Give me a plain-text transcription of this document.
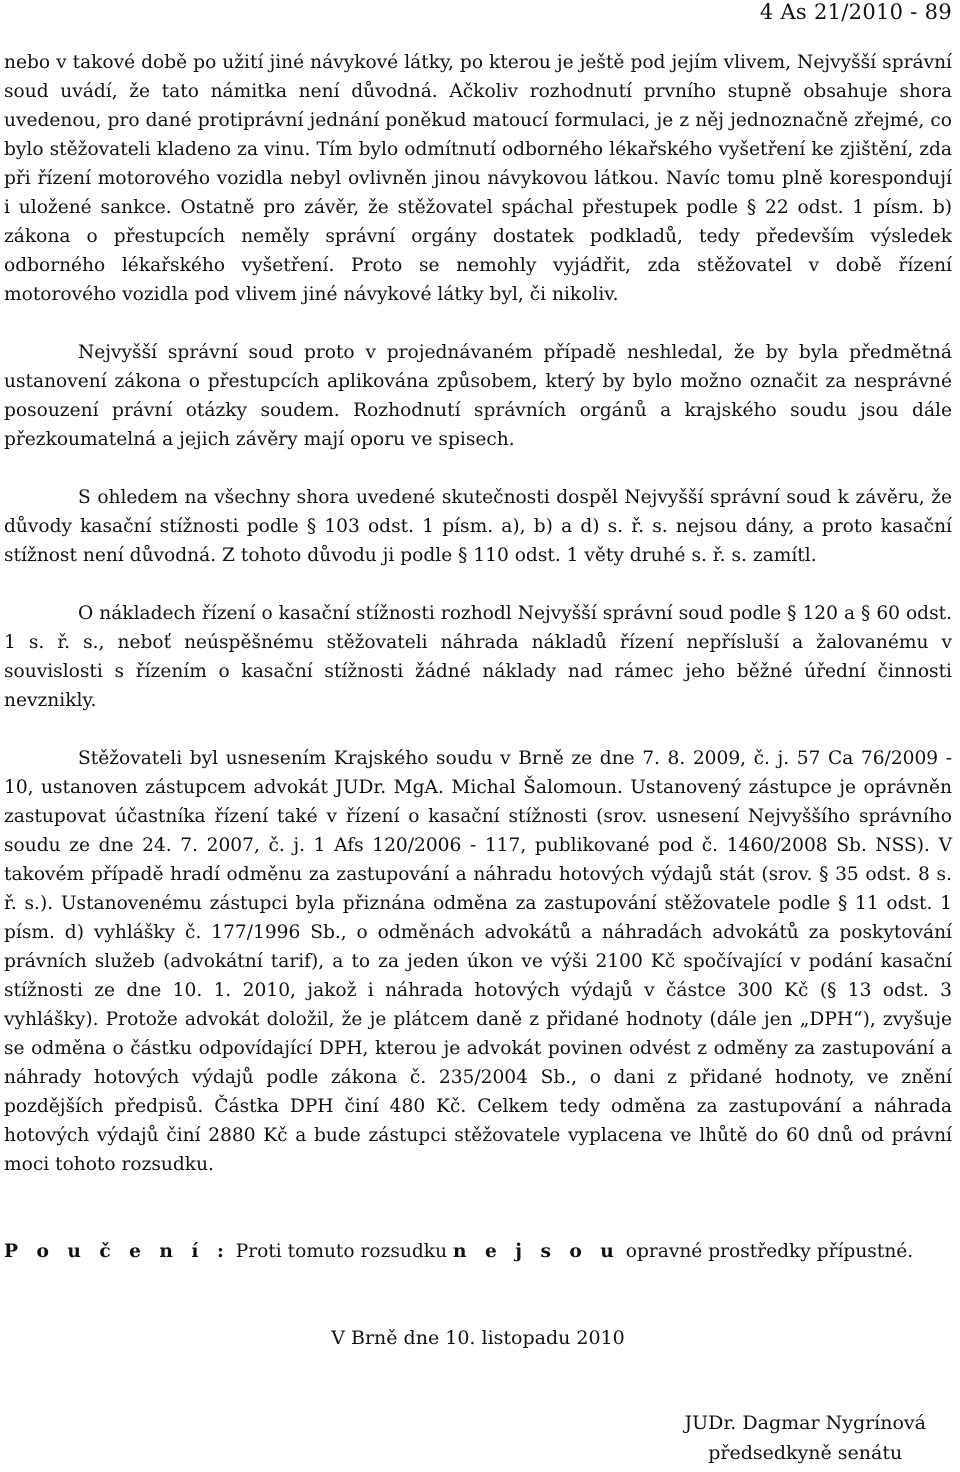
4 As 21/2010 - 89

nebo v takové době po užití jiné návykové látky, po kterou je ještě pod jejím vlivem, Nejvyšší správní soud uvádí, že tato námitka není důvodná. Ačkoliv rozhodnutí prvního stupně obsahuje shora uvedenou, pro dané protiprávní jednání poněkud matoucí formulaci, je z něj jednoznačně zřejmé, co bylo stěžovateli kladeno za vinu. Tím bylo odmítnutí odborného lékařského vyšetření ke zjištění, zda při řízení motorového vozidla nebyl ovlivněn jinou návykovou látkou. Navíc tomu plně korespondují i uložené sankce. Ostatně pro závěr, že stěžovatel spáchal přestupek podle § 22 odst. 1 písm. b) zákona o přestupcích neměly správní orgány dostatek podkladů, tedy především výsledek odborného lékařského vyšetření. Proto se nemohly vyjádřit, zda stěžovatel v době řízení motorového vozidla pod vlivem jiné návykové látky byl, či nikoliv.

Nejvyšší správní soud proto v projednávaném případě neshledal, že by byla předmětná ustanovení zákona o přestupcích aplikována způsobem, který by bylo možno označit za nesprávné posouzení právní otázky soudem. Rozhodnutí správních orgánů a krajského soudu jsou dále přezkoumatelná a jejich závěry mají oporu ve spisech.

S ohledem na všechny shora uvedené skutečnosti dospěl Nejvyšší správní soud k závěru, že důvody kasační stížnosti podle § 103 odst. 1 písm. a), b) a d) s. ř. s. nejsou dány, a proto kasační stížnost není důvodná. Z tohoto důvodu ji podle § 110 odst. 1 věty druhé s. ř. s. zamítl.

O nákladech řízení o kasační stížnosti rozhodl Nejvyšší správní soud podle § 120 a § 60 odst. 1 s. ř. s., neboť neúspěšnému stěžovateli náhrada nákladů řízení nepřísluší a žalovanému v souvislosti s řízením o kasační stížnosti žádné náklady nad rámec jeho běžné úřední činnosti nevznikly.

Stěžovateli byl usnesením Krajského soudu v Brně ze dne 7. 8. 2009, č. j. 57 Ca 76/2009 - 10, ustanoven zástupcem advokát JUDr. MgA. Michal Šalomoun. Ustanovený zástupce je oprávněn zastupovat účastníka řízení také v řízení o kasační stížnosti (srov. usnesení Nejvyššího správního soudu ze dne 24. 7. 2007, č. j. 1 Afs 120/2006 - 117, publikované pod č. 1460/2008 Sb. NSS). V takovém případě hradí odměnu za zastupování a náhradu hotových výdajů stát (srov. § 35 odst. 8 s. ř. s.). Ustanovenému zástupci byla přiznána odměna za zastupování stěžovatele podle § 11 odst. 1 písm. d) vyhlášky č. 177/1996 Sb., o odměnách advokátů a náhradách advokátů za poskytování právních služeb (advokátní tarif), a to za jeden úkon ve výši 2100 Kč spočívající v podání kasační stížnosti ze dne 10. 1. 2010, jakož i náhrada hotových výdajů v částce 300 Kč (§ 13 odst. 3 vyhlášky). Protože advokát doložil, že je plátcem daně z přidané hodnoty (dále jen „DPH“), zvyšuje se odměna o částku odpovídající DPH, kterou je advokát povinen odvést z odměny za zastupování a náhrady hotových výdajů podle zákona č. 235/2004 Sb., o dani z přidané hodnoty, ve znění pozdějších předpisů. Částka DPH činí 480 Kč. Celkem tedy odměna za zastupování a náhrada hotových výdajů činí 2880 Kč a bude zástupci stěžovatele vyplacena ve lhůtě do 60 dnů od právní moci tohoto rozsudku.

P o u č e n í : Proti tomuto rozsudku n e j s o u opravné prostředky přípustné.

V Brně dne 10. listopadu 2010

JUDr. Dagmar Nygrínová
předsedkyně senátu
